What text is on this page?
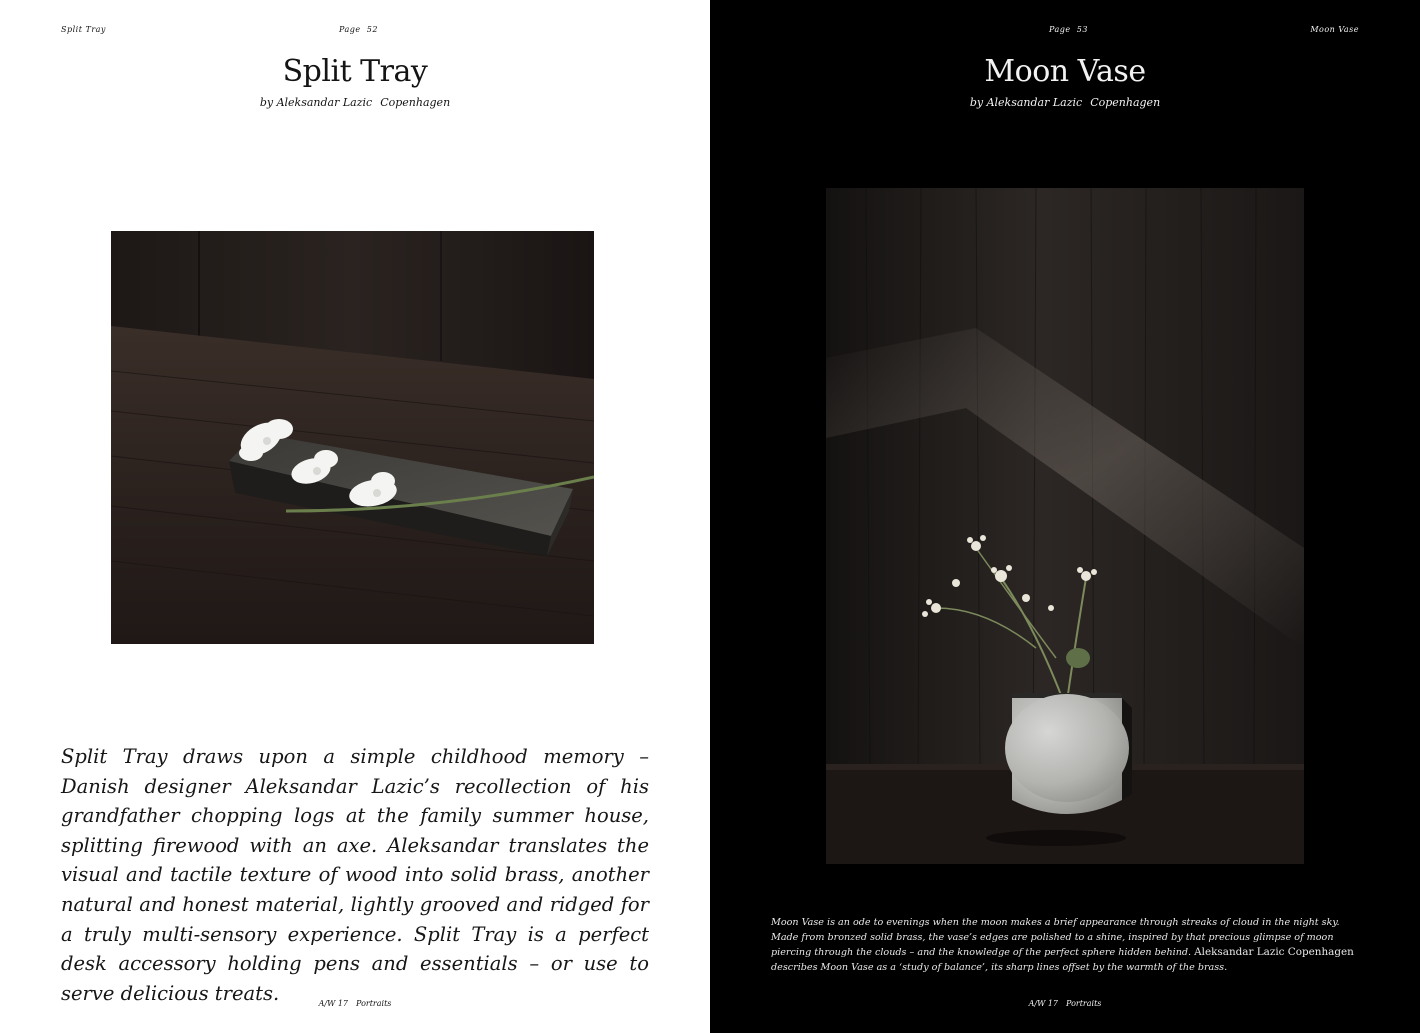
Split Tray	Page 52
Split Tray
by Aleksandar Lazic Copenhagen

Split Tray draws upon a simple childhood memory – Danish designer Aleksandar Lazic’s recollection of his grandfather chopping logs at the family summer house, splitting firewood with an axe. Aleksandar translates the visual and tactile texture of wood into solid brass, another natural and honest material, lightly grooved and ridged for a truly multi-sensory experience. Split Tray is a perfect desk accessory holding pens and essentials – or use to serve delicious treats.	A/W 17 Portraits
Page 53	Moon Vase
Moon Vase
by Aleksandar Lazic Copenhagen

Moon Vase is an ode to evenings when the moon makes a brief appearance through streaks of cloud in the night sky. Made from bronzed solid brass, the vase’s edges are polished to a shine, inspired by that precious glimpse of moon piercing through the clouds – and the knowledge of the perfect sphere hidden behind. Aleksandar Lazic Copenhagen describes Moon Vase as a ‘study of balance’, its sharp lines offset by the warmth of the brass.

A/W 17 Portraits
